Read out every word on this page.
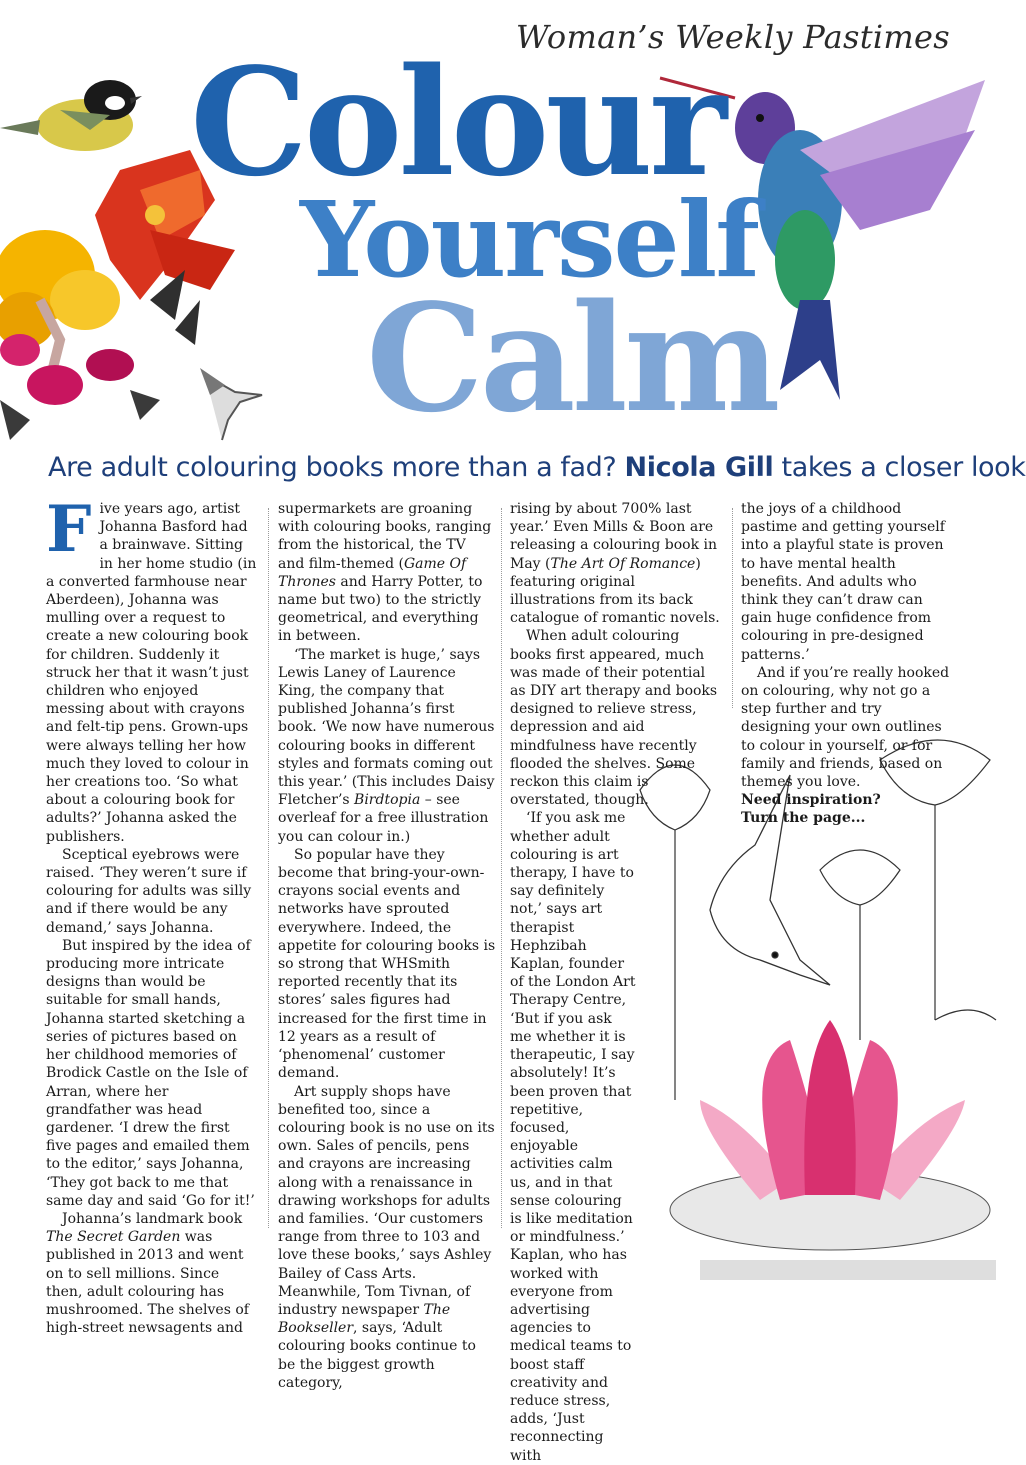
Woman’s Weekly Pastimes
Colour
Yourself
Calm
Are adult colouring books more than a fad? Nicola Gill takes a closer look

Five years ago, artist Johanna Basford had a brainwave. Sitting in her home studio (in a converted farmhouse near Aberdeen), Johanna was mulling over a request to create a new colouring book for children. Suddenly it struck her that it wasn’t just children who enjoyed messing about with crayons and felt-tip pens. Grown-ups were always telling her how much they loved to colour in her creations too. ‘So what about a colouring book for adults?’ Johanna asked the publishers.

Sceptical eyebrows were raised. ‘They weren’t sure if colouring for adults was silly and if there would be any demand,’ says Johanna.

But inspired by the idea of producing more intricate designs than would be suitable for small hands, Johanna started sketching a series of pictures based on her childhood memories of Brodick Castle on the Isle of Arran, where her grandfather was head gardener. ‘I drew the first five pages and emailed them to the editor,’ says Johanna, ‘They got back to me that same day and said ‘Go for it!’

Johanna’s landmark book The Secret Garden was published in 2013 and went on to sell millions. Since then, adult colouring has mushroomed. The shelves of high-street newsagents and

supermarkets are groaning with colouring books, ranging from the historical, the TV and film-themed (Game Of Thrones and Harry Potter, to name but two) to the strictly geometrical, and everything in between.

‘The market is huge,’ says Lewis Laney of Laurence King, the company that published Johanna’s first book. ‘We now have numerous colouring books in different styles and formats coming out this year.’ (This includes Daisy Fletcher’s Birdtopia – see overleaf for a free illustration you can colour in.)

So popular have they become that bring-your-own-crayons social events and networks have sprouted everywhere. Indeed, the appetite for colouring books is so strong that WHSmith reported recently that its stores’ sales figures had increased for the first time in 12 years as a result of ‘phenomenal’ customer demand.

Art supply shops have benefited too, since a colouring book is no use on its own. Sales of pencils, pens and crayons are increasing along with a renaissance in drawing workshops for adults and families. ‘Our customers range from three to 103 and love these books,’ says Ashley Bailey of Cass Arts. Meanwhile, Tom Tivnan, of industry newspaper The Bookseller, says, ‘Adult colouring books continue to be the biggest growth category,

rising by about 700% last year.’ Even Mills & Boon are releasing a colouring book in May (The Art Of Romance) featuring original illustrations from its back catalogue of romantic novels.

When adult colouring books first appeared, much was made of their potential as DIY art therapy and books designed to relieve stress, depression and aid mindfulness have recently flooded the shelves. Some reckon this claim is overstated, though.

‘If you ask me whether adult colouring is art therapy, I have to say definitely not,’ says art therapist Hephzibah Kaplan, founder of the London Art Therapy Centre, ‘But if you ask me whether it is therapeutic, I say absolutely! It’s been proven that repetitive, focused, enjoyable activities calm us, and in that sense colouring is like meditation or mindfulness.’ Kaplan, who has worked with everyone from advertising agencies to medical teams to boost staff creativity and reduce stress, adds, ‘Just reconnecting with

the joys of a childhood pastime and getting yourself into a playful state is proven to have mental health benefits. And adults who think they can’t draw can gain huge confidence from colouring in pre-designed patterns.’

And if you’re really hooked on colouring, why not go a step further and try designing your own outlines to colour in yourself, or for family and friends, based on themes you love.

Need inspiration?

Turn the page...
